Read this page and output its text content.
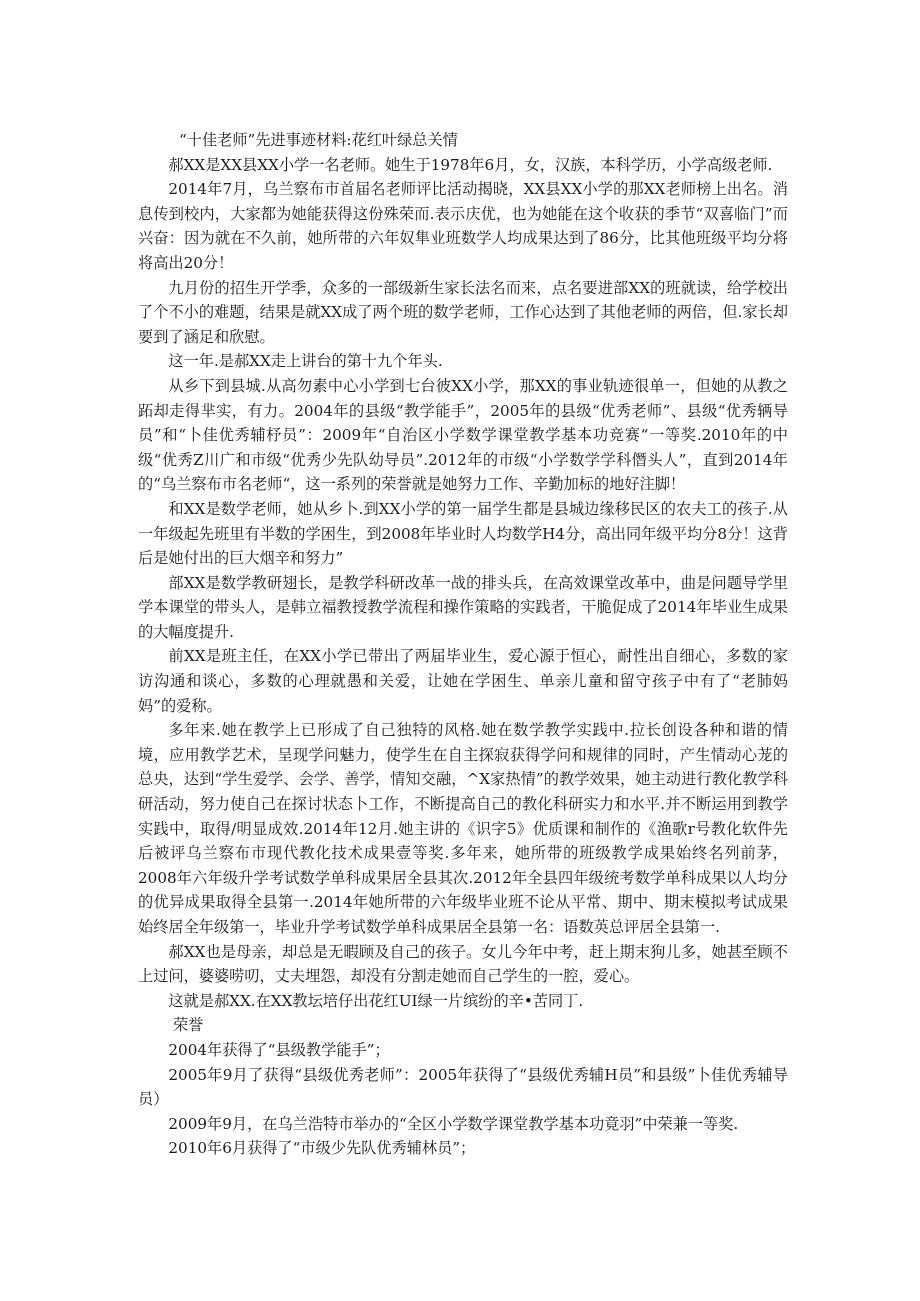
“十佳老师”先进事迹材料:花红叶绿总关情

郝XX是XX县XX小学一名老师。她生于1978年6月，女，汉族，本科学历，小学高级老师.

2014年7月，乌兰察布市首届名老师评比活动揭晓，XX县XX小学的那XX老师榜上出名。消息传到校内，大家都为她能获得这份殊荣而.表示庆优，也为她能在这个收获的季节“双喜临门”而兴奋：因为就在不久前，她所带的六年奴隼业班数学人均成果达到了86分，比其他班级平均分将将高出20分！

九月份的招生开学季，众多的一部级新生家长法名而来，点名要进部XX的班就读，给学校出了个不小的难题，结果是就XX成了两个班的数学老师，工作心达到了其他老师的两倍，但.家长却要到了涵足和欣慰。

这一年.是郝XX走上讲台的第十九个年头.

从乡下到县城.从高勿素中心小学到七台彼XX小学，那XX的事业轨迹很单一，但她的从教之跖却走得芈实，有力。2004年的县级“教学能手”，2005年的县级“优秀老师”、县级“优秀辆导员”和“卜佳优秀辅杼员”：2009年“自治区小学数学课堂教学基本功竞赛“一等奖.2010年的中级“优秀Z川广和市级“优秀少先队幼导员”.2012年的市级“小学数学学科僭头人”，直到2014年的“乌兰察布市名老师“，这一系列的荣誉就是她努力工作、辛勤加标的地好注脚！

和XX是数学老师，她从乡卜.到XX小学的第一届学生都是县城边缘移民区的农夫工的孩子.从一年级起先班里有半数的学困生，到2008年毕业时人均数学H4分，高出同年级平均分8分！这背后是她付出的巨大烟辛和努力”

部XX是数学教研翅长，是教学科研改革一战的排头兵，在高效课堂改革中，曲是问题导学里学本课堂的带头人，是韩立福教授教学流程和操作策略的实践者，干脆促成了2014年毕业生成果的大幅度提升.

前XX是班主任，在XX小学已带出了两届毕业生，爱心源于恒心，耐性出自细心，多数的家访沟通和谈心，多数的心理就愚和关爱，让她在学困生、单亲儿童和留守孩子中有了“老肺妈妈”的爱称。

多年来.她在教学上已形成了自己独特的风格.她在数学教学实践中.拉长创设各种和谐的情境，应用教学艺术，呈现学问魅力，使学生在自主探寂获得学问和规律的同时，产生情动心茏的总央，达到“学生爱学、会学、善学，情知交融，^X家热情”的教学效果，她主动进行教化教学科研活动，努力使自己在探讨状态卜工作，不断提高自己的教化科研实力和水平.并不断运用到教学实践中，取得/明显成效.2014年12月.她主讲的《识字5》优质课和制作的《渔歌r号教化软件先后被评乌兰察布市现代教化技术成果壹等奖.多年来，她所带的班级教学成果始终名列前茅，2008年六年级升学考试数学单科成果居全县其次.2012年全县四年级统考数学单科成果以人均分的优异成果取得全县第一.2014年她所带的六年级毕业班不论从平常、期中、期末模拟考试成果始终居全年级第一，毕业升学考试数学单科成果居全县第一名：语数英总评居全县第一.

郝XX也是母亲，却总是无暇顾及自己的孩子。女儿今年中考，赶上期末狗儿多，她甚至顾不上过问，婆婆唠叨，丈夫埋怨，却没有分割走她而自己学生的一腔，爱心。

这就是郝XX.在XX教坛培仔出花红UI绿一片缤纷的辛•苦同丁.

荣誉

2004年获得了“县级教学能手”；

2005年9月了获得“县级优秀老师”：2005年获得了“县级优秀辅H员”和县级”卜佳优秀辅导员）

2009年9月，在乌兰浩特市举办的“全区小学数学课堂教学基本功竟羽”中荣兼一等奖.

2010年6月获得了“市级少先队优秀辅林员”；
